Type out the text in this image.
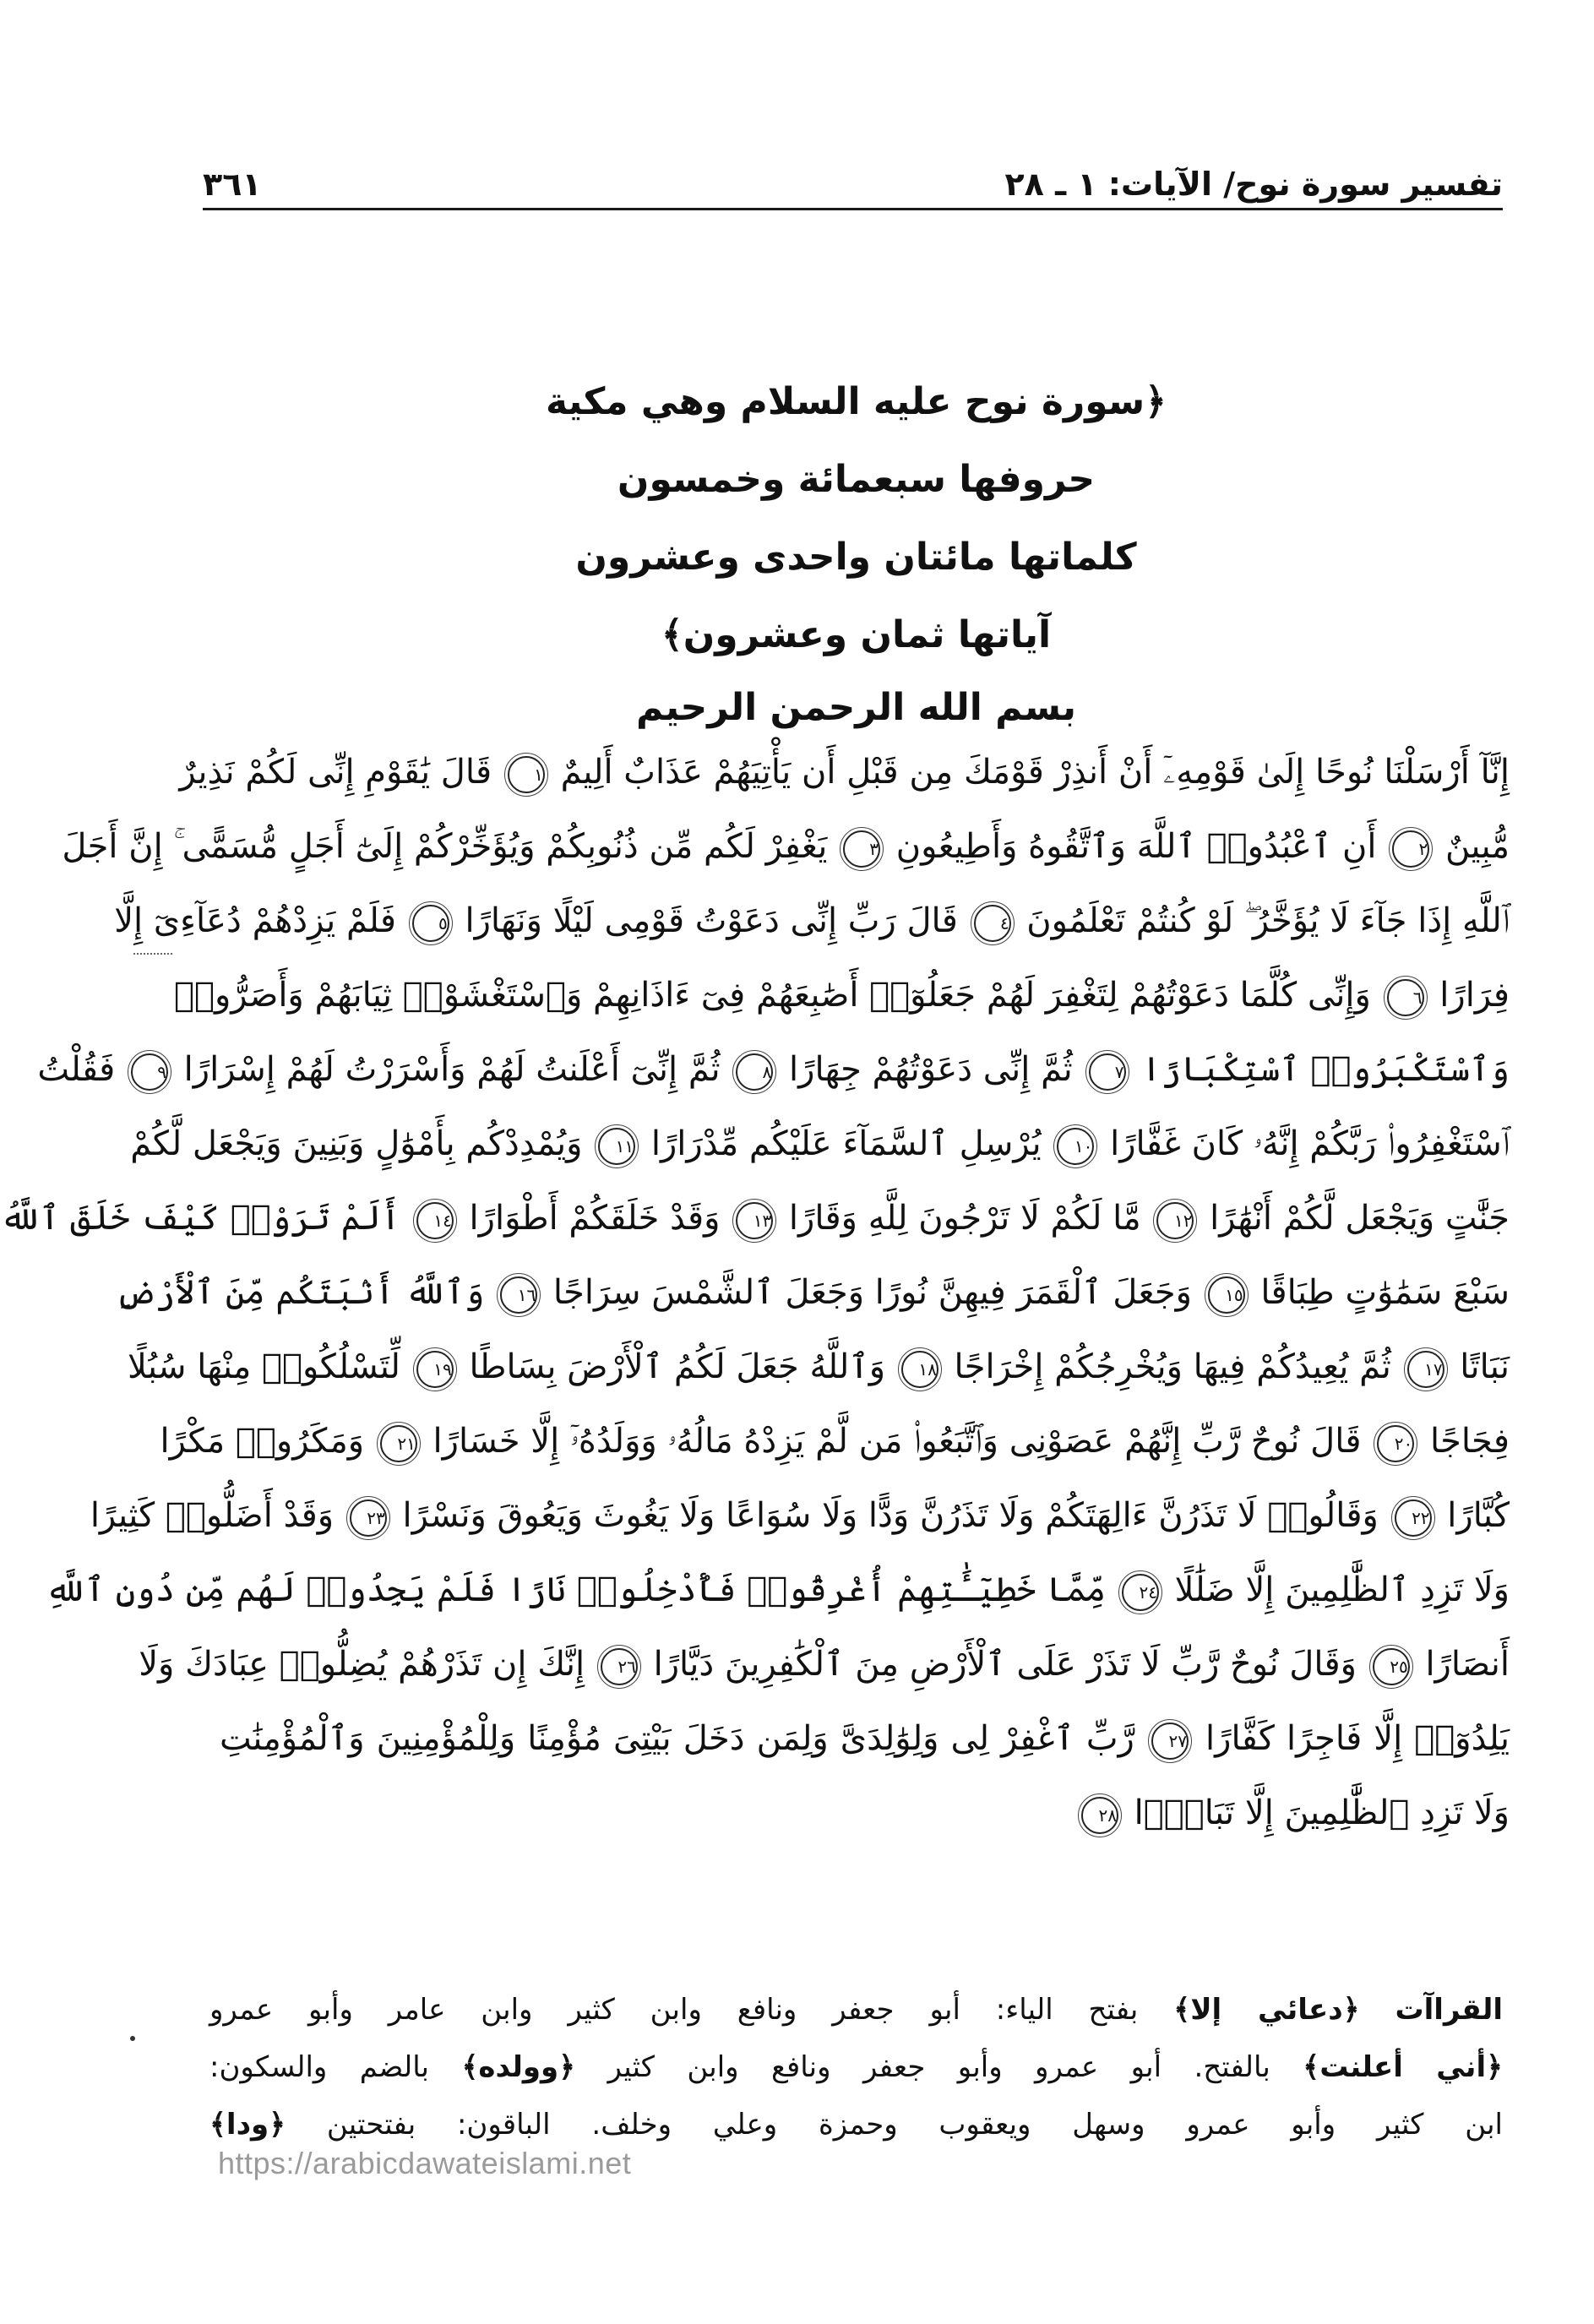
تفسير سورة نوح/ الآيات: ١ ـ ٢٨
٣٦١
﴿سورة نوح عليه السلام وهي مكية
حروفها سبعمائة وخمسون
كلماتها مائتان واحدى وعشرون
آياتها ثمان وعشرون﴾
بسم الله الرحمن الرحيم
إِنَّآ أَرْسَلْنَا نُوحًا إِلَىٰ قَوْمِهِۦٓ أَنْ أَنذِرْ قَوْمَكَ مِن قَبْلِ أَن يَأْتِيَهُمْ عَذَابٌ أَلِيمٌ ١ قَالَ يَٰقَوْمِ إِنِّى لَكُمْ نَذِيرٌ
مُّبِينٌ ٢ أَنِ ٱعْبُدُوا۟ ٱللَّهَ وَٱتَّقُوهُ وَأَطِيعُونِ ٣ يَغْفِرْ لَكُم مِّن ذُنُوبِكُمْ وَيُؤَخِّرْكُمْ إِلَىٰٓ أَجَلٍ مُّسَمًّى ۚ إِنَّ أَجَلَ
ٱللَّهِ إِذَا جَآءَ لَا يُؤَخَّرُ ۖ لَوْ كُنتُمْ تَعْلَمُونَ ٤ قَالَ رَبِّ إِنِّى دَعَوْتُ قَوْمِى لَيْلًا وَنَهَارًا ٥ فَلَمْ يَزِدْهُمْ دُعَآءِىٓ إِلَّا
فِرَارًا ٦ وَإِنِّى كُلَّمَا دَعَوْتُهُمْ لِتَغْفِرَ لَهُمْ جَعَلُوٓا۟ أَصَٰبِعَهُمْ فِىٓ ءَاذَانِهِمْ وَٱسْتَغْشَوْا۟ ثِيَابَهُمْ وَأَصَرُّوا۟
وَٱسْتَكْبَرُوا۟ ٱسْتِكْبَارًا ٧ ثُمَّ إِنِّى دَعَوْتُهُمْ جِهَارًا ٨ ثُمَّ إِنِّىٓ أَعْلَنتُ لَهُمْ وَأَسْرَرْتُ لَهُمْ إِسْرَارًا ٩ فَقُلْتُ
ٱسْتَغْفِرُوا۟ رَبَّكُمْ إِنَّهُۥ كَانَ غَفَّارًا ١٠ يُرْسِلِ ٱلسَّمَآءَ عَلَيْكُم مِّدْرَارًا ١١ وَيُمْدِدْكُم بِأَمْوَٰلٍ وَبَنِينَ وَيَجْعَل لَّكُمْ
جَنَّٰتٍ وَيَجْعَل لَّكُمْ أَنْهَٰرًا ١٢ مَّا لَكُمْ لَا تَرْجُونَ لِلَّهِ وَقَارًا ١٣ وَقَدْ خَلَقَكُمْ أَطْوَارًا ١٤ أَلَمْ تَرَوْا۟ كَيْفَ خَلَقَ ٱللَّهُ
سَبْعَ سَمَٰوَٰتٍ طِبَاقًا ١٥ وَجَعَلَ ٱلْقَمَرَ فِيهِنَّ نُورًا وَجَعَلَ ٱلشَّمْسَ سِرَاجًا ١٦ وَٱللَّهُ أَنۢبَتَكُم مِّنَ ٱلْأَرْضِ
نَبَاتًا ١٧ ثُمَّ يُعِيدُكُمْ فِيهَا وَيُخْرِجُكُمْ إِخْرَاجًا ١٨ وَٱللَّهُ جَعَلَ لَكُمُ ٱلْأَرْضَ بِسَاطًا ١٩ لِّتَسْلُكُوا۟ مِنْهَا سُبُلًا
فِجَاجًا ٢٠ قَالَ نُوحٌ رَّبِّ إِنَّهُمْ عَصَوْنِى وَٱتَّبَعُوا۟ مَن لَّمْ يَزِدْهُ مَالُهُۥ وَوَلَدُهُۥٓ إِلَّا خَسَارًا ٢١ وَمَكَرُوا۟ مَكْرًا
كُبَّارًا ٢٢ وَقَالُوا۟ لَا تَذَرُنَّ ءَالِهَتَكُمْ وَلَا تَذَرُنَّ وَدًّا وَلَا سُوَاعًا وَلَا يَغُوثَ وَيَعُوقَ وَنَسْرًا ٢٣ وَقَدْ أَضَلُّوا۟ كَثِيرًا
وَلَا تَزِدِ ٱلظَّٰلِمِينَ إِلَّا ضَلَٰلًا ٢٤ مِّمَّا خَطِيٓـَٰٔتِهِمْ أُغْرِقُوا۟ فَأُدْخِلُوا۟ نَارًا فَلَمْ يَجِدُوا۟ لَهُم مِّن دُونِ ٱللَّهِ
أَنصَارًا ٢٥ وَقَالَ نُوحٌ رَّبِّ لَا تَذَرْ عَلَى ٱلْأَرْضِ مِنَ ٱلْكَٰفِرِينَ دَيَّارًا ٢٦ إِنَّكَ إِن تَذَرْهُمْ يُضِلُّوا۟ عِبَادَكَ وَلَا
يَلِدُوٓا۟ إِلَّا فَاجِرًا كَفَّارًا ٢٧ رَّبِّ ٱغْفِرْ لِى وَلِوَٰلِدَىَّ وَلِمَن دَخَلَ بَيْتِىَ مُؤْمِنًا وَلِلْمُؤْمِنِينَ وَٱلْمُؤْمِنَٰتِ
وَلَا تَزِدِ ٱلظَّٰلِمِينَ إِلَّا تَبَارًۢا ٢٨
القراآت ﴿دعائي إلا﴾ بفتح الياء: أبو جعفر ونافع وابن كثير وابن عامر وأبو عمرو
﴿أني أعلنت﴾ بالفتح. أبو عمرو وأبو جعفر ونافع وابن كثير ﴿وولده﴾ بالضم والسكون:
ابن كثير وأبو عمرو وسهل ويعقوب وحمزة وعلي وخلف. الباقون: بفتحتين ﴿ودا﴾
https://arabicdawateislami.net
